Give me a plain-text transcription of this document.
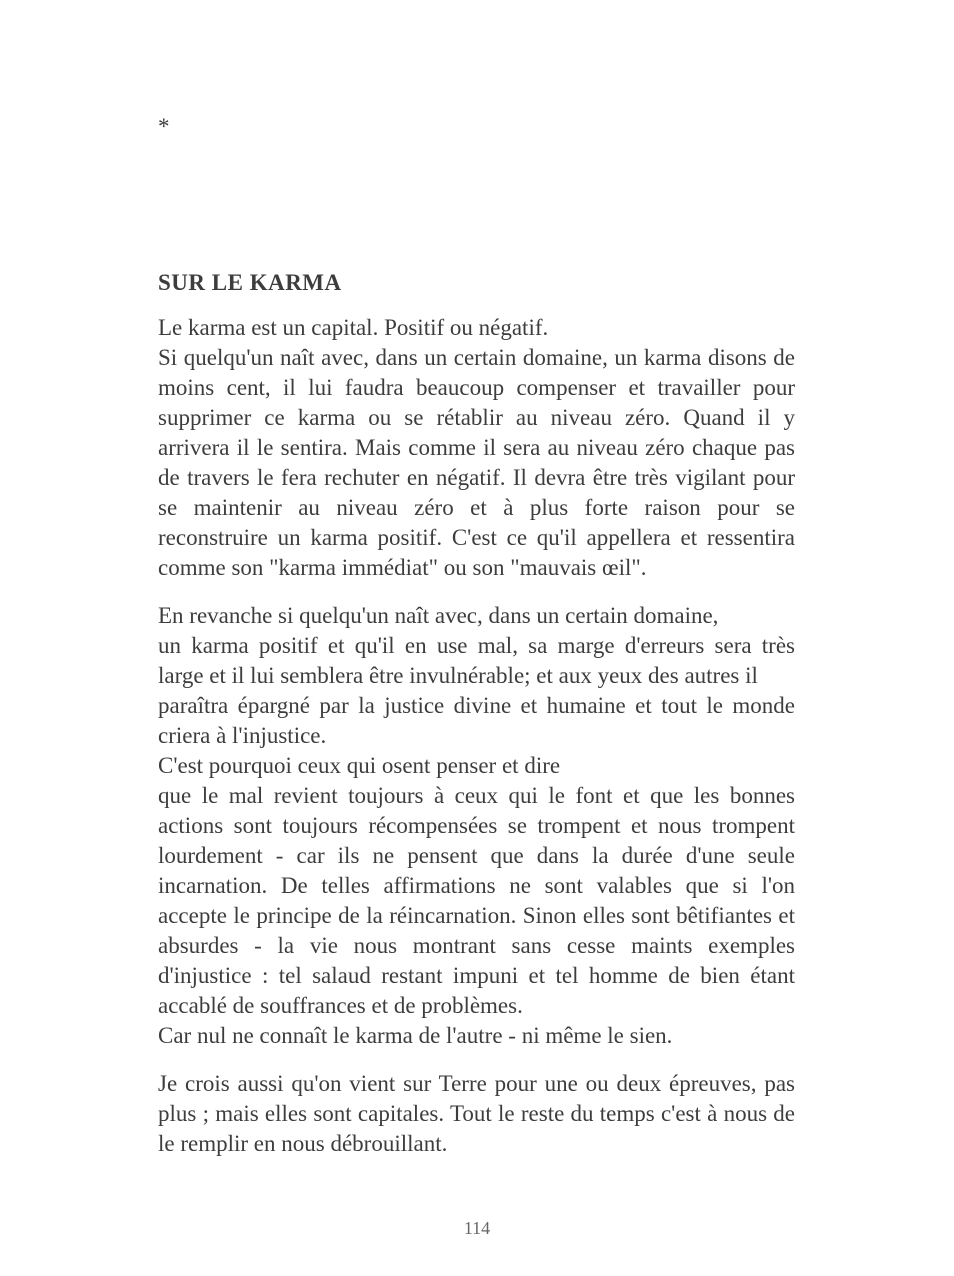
*
SUR LE KARMA
Le karma est un capital. Positif ou négatif.
Si quelqu'un naît avec, dans un certain domaine, un karma disons de
moins cent, il lui faudra beaucoup compenser et travailler pour
supprimer ce karma ou se rétablir au niveau zéro. Quand il y
arrivera il le sentira. Mais comme il sera au niveau zéro chaque pas
de travers le fera rechuter en négatif. Il devra être très vigilant pour
se maintenir au niveau zéro et à plus forte raison pour se
reconstruire un karma positif. C'est ce qu'il appellera et ressentira
comme son "karma immédiat" ou son "mauvais œil".
En revanche si quelqu'un naît avec, dans un certain domaine,
un karma positif et qu'il en use mal, sa marge d'erreurs sera très
large et il lui semblera être invulnérable; et aux yeux des autres il
paraîtra épargné par la justice divine et humaine et tout le monde
criera à l'injustice.
C'est pourquoi ceux qui osent penser et dire
que le mal revient toujours à ceux qui le font et que les bonnes
actions sont toujours récompensées se trompent et nous trompent
lourdement - car ils ne pensent que dans la durée d'une seule
incarnation. De telles affirmations ne sont valables que si l'on
accepte le principe de la réincarnation. Sinon elles sont bêtifiantes et
absurdes - la vie nous montrant sans cesse maints exemples
d'injustice : tel salaud restant impuni et tel homme de bien étant
accablé de souffrances et de problèmes.
Car nul ne connaît le karma de l'autre - ni même le sien.
Je crois aussi qu'on vient sur Terre pour une ou deux épreuves, pas
plus ; mais elles sont capitales. Tout le reste du temps c'est à nous de
le remplir en nous débrouillant.
114
